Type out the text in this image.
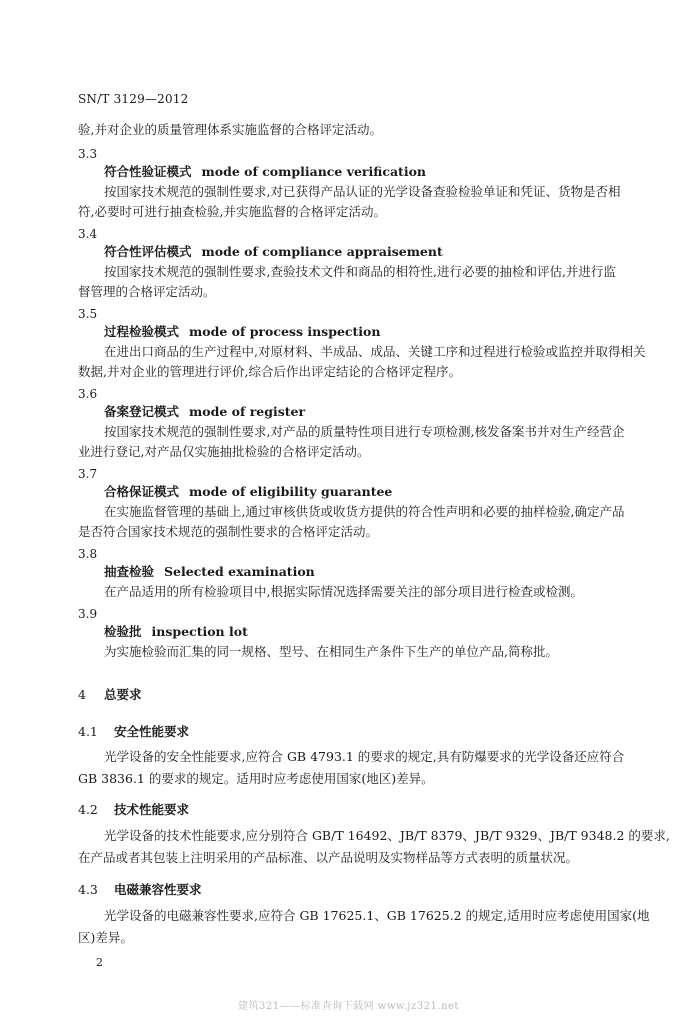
SN/T 3129—2012
验,并对企业的质量管理体系实施监督的合格评定活动。
3.3
符合性验证模式 mode of compliance verification
按国家技术规范的强制性要求,对已获得产品认证的光学设备查验检验单证和凭证、货物是否相
符,必要时可进行抽查检验,并实施监督的合格评定活动。
3.4
符合性评估模式 mode of compliance appraisement
按国家技术规范的强制性要求,查验技术文件和商品的相符性,进行必要的抽检和评估,并进行监
督管理的合格评定活动。
3.5
过程检验模式 mode of process inspection
在进出口商品的生产过程中,对原材料、半成品、成品、关键工序和过程进行检验或监控并取得相关
数据,并对企业的管理进行评价,综合后作出评定结论的合格评定程序。
3.6
备案登记模式 mode of register
按国家技术规范的强制性要求,对产品的质量特性项目进行专项检测,核发备案书并对生产经营企
业进行登记,对产品仅实施抽批检验的合格评定活动。
3.7
合格保证模式 mode of eligibility guarantee
在实施监督管理的基础上,通过审核供货或收货方提供的符合性声明和必要的抽样检验,确定产品
是否符合国家技术规范的强制性要求的合格评定活动。
3.8
抽查检验 Selected examination
在产品适用的所有检验项目中,根据实际情况选择需要关注的部分项目进行检查或检测。
3.9
检验批 inspection lot
为实施检验而汇集的同一规格、型号、在相同生产条件下生产的单位产品,简称批。
4 总要求
4.1 安全性能要求
光学设备的安全性能要求,应符合 GB 4793.1 的要求的规定,具有防爆要求的光学设备还应符合
GB 3836.1 的要求的规定。适用时应考虑使用国家(地区)差异。
4.2 技术性能要求
光学设备的技术性能要求,应分别符合 GB/T 16492、JB/T 8379、JB/T 9329、JB/T 9348.2 的要求,
在产品或者其包装上注明采用的产品标准、以产品说明及实物样品等方式表明的质量状况。
4.3 电磁兼容性要求
光学设备的电磁兼容性要求,应符合 GB 17625.1、GB 17625.2 的规定,适用时应考虑使用国家(地
区)差异。
2
建筑321——标准查询下载网 www.jz321.net
